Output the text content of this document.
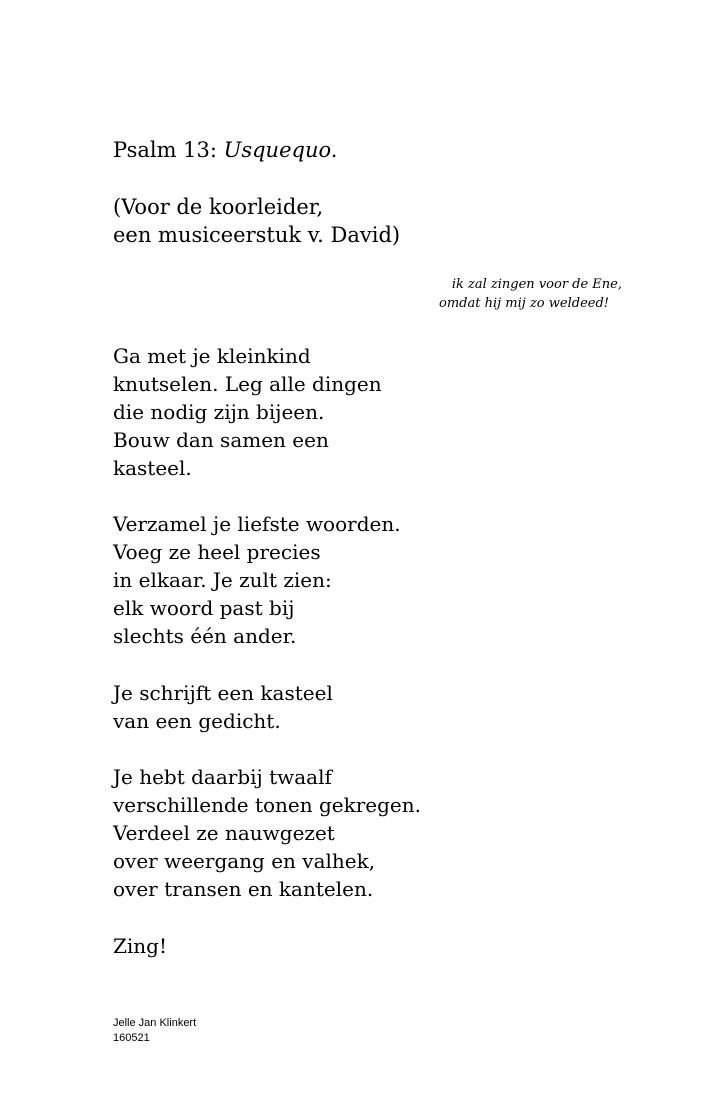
Psalm 13: Usquequo.
(Voor de koorleider,
een musiceerstuk v. David)
ik zal zingen voor de Ene,
omdat hij mij zo weldeed!
Ga met je kleinkind
knutselen. Leg alle dingen
die nodig zijn bijeen.
Bouw dan samen een
kasteel.
Verzamel je liefste woorden.
Voeg ze heel precies
in elkaar. Je zult zien:
elk woord past bij
slechts één ander.
Je schrijft een kasteel
van een gedicht.
Je hebt daarbij twaalf
verschillende tonen gekregen.
Verdeel ze nauwgezet
over weergang en valhek,
over transen en kantelen.
Zing!
Jelle Jan Klinkert
160521
